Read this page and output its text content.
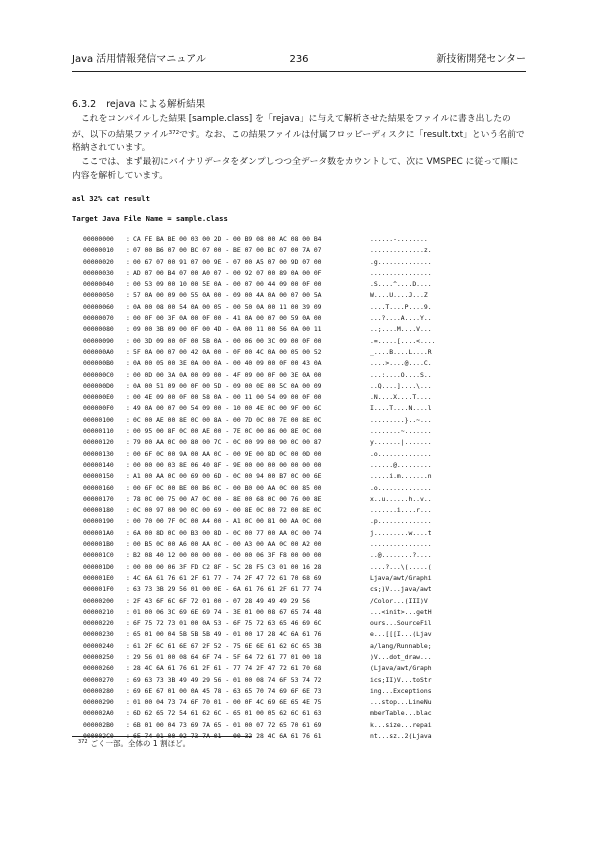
Java 活用情報発信マニュアル	236	新技術開発センター
6.3.2 rejava による解析結果

これをコンパイルした結果 [sample.class] を「rejava」に与えて解析させた結果をファイルに書き出したのが、以下の結果ファイル$^{372}$です。なお、この結果ファイルは付属フロッピーディスクに「result.txt」という名前で格納されています。

ここでは、まず最初にバイナリデータをダンプしつつ全データ数をカウントして、次に VMSPEC に従って順に内容を解析しています。

asl 32% cat result
Target Java File Name = sample.class
00000000 : CA FE BA BE 00 03 00 2D - 00 B9 08 00 AC 08 00 B4	......-........
00000010 : 07 00 B6 07 00 BC 07 00 - BE 07 00 BC 07 00 7A 07	..............z.
00000020 : 00 67 07 00 91 07 00 9E - 07 00 A5 07 00 9D 07 00	.g..............
00000030 : AD 07 00 B4 07 00 A0 07 - 00 92 07 00 89 0A 00 0F	................
00000040 : 00 53 09 00 10 00 5E 0A - 00 07 00 44 09 00 0F 00	.S....^....D....
00000050 : 57 0A 00 09 00 55 0A 00 - 09 00 4A 0A 00 07 00 5A	W....U....J...Z
00000060 : 0A 00 08 00 54 0A 00 05 - 00 50 0A 00 11 00 39 09	....T....P....9.
00000070 : 00 0F 00 3F 0A 00 0F 00 - 41 0A 00 07 00 59 0A 00	...?....A....Y..
00000080 : 09 00 3B 09 00 0F 00 4D - 0A 00 11 00 56 0A 00 11	..;....M....V...
00000090 : 00 3D 09 00 0F 00 5B 0A - 00 06 00 3C 09 00 0F 00	.=.....[....<....
000000A0 : 5F 0A 00 07 00 42 0A 00 - 0F 00 4C 0A 00 05 00 52	_....B....L....R
000000B0 : 0A 00 05 00 3E 0A 00 0A - 00 40 09 00 0F 00 43 0A	....>....@....C.
000000C0 : 00 0D 00 3A 0A 00 09 00 - 4F 09 00 0F 00 3E 0A 00	...:....O....S..
000000D0 : 0A 00 51 09 00 0F 00 5D - 09 00 0E 00 5C 0A 00 09	..Q....]....\...
000000E0 : 00 4E 09 00 0F 00 58 0A - 00 11 00 54 09 00 0F 00	.N....X....T....
000000F0 : 49 0A 00 07 00 54 09 00 - 10 00 4E 0C 00 9F 00 6C	I....T....N....l
00000100 : 0C 00 AE 00 8E 0C 00 8A - 00 7D 0C 00 7E 00 8E 0C	.........}..~...
00000110 : 00 95 00 8F 0C 00 AE 00 - 7E 0C 00 86 00 8E 0C 00	........~.......
00000120 : 79 00 AA 0C 00 80 00 7C - 0C 00 99 00 90 0C 00 87	y.......|.......
00000130 : 00 6F 0C 00 9A 00 AA 0C - 00 9E 00 8D 0C 00 0D 00	.o..............
00000140 : 00 00 00 03 8E 06 40 8F - 9E 00 00 00 00 00 00 00	......@.........
00000150 : A1 00 AA 0C 00 69 00 6D - 0C 00 94 00 B7 0C 00 6E	.....i.m.......n
00000160 : 00 6F 0C 00 BE 00 B6 0C - 00 B0 00 AA 0C 00 85 00	.o..............
00000170 : 78 0C 00 75 00 A7 0C 00 - 8E 00 68 0C 00 76 00 8E	x..u......h..v..
00000180 : 0C 00 97 00 90 0C 00 69 - 00 8E 0C 00 72 00 8E 0C	.......i....r...
00000190 : 00 70 00 7F 0C 00 A4 00 - A1 0C 00 81 00 AA 0C 00	.p..............
000001A0 : 6A 00 8D 0C 00 B3 00 8D - 0C 00 77 00 AA 0C 00 74	j.........w....t
000001B0 : 00 B5 0C 00 A6 00 AA 0C - 00 A3 00 AA 0C 00 A2 00	................
000001C0 : B2 08 40 12 00 00 00 00 - 00 00 06 3F F8 00 00 00	..@........?....
000001D0 : 00 00 00 06 3F FD C2 8F - 5C 28 F5 C3 01 00 16 28	....?...\(.....(
000001E0 : 4C 6A 61 76 61 2F 61 77 - 74 2F 47 72 61 70 68 69	Ljava/awt/Graphi
000001F0 : 63 73 3B 29 56 01 00 0E - 6A 61 76 61 2F 61 77 74	cs;)V...java/awt
00000200 : 2F 43 6F 6C 6F 72 01 00 - 07 28 49 49 49 29 56	/Color...(III)V
00000210 : 01 00 06 3C 69 6E 69 74 - 3E 01 00 08 67 65 74 48	...<init>...getH
00000220 : 6F 75 72 73 01 00 0A 53 - 6F 75 72 63 65 46 69 6C	ours...SourceFil
00000230 : 65 01 00 04 5B 5B 5B 49 - 01 00 17 28 4C 6A 61 76	e...[[[I...(Ljav
00000240 : 61 2F 6C 61 6E 67 2F 52 - 75 6E 6E 61 62 6C 65 3B	a/lang/Runnable;
00000250 : 29 56 01 00 08 64 6F 74 - 5F 64 72 61 77 01 00 18	)V...dot_draw...
00000260 : 28 4C 6A 61 76 61 2F 61 - 77 74 2F 47 72 61 70 68	(Ljava/awt/Graph
00000270 : 69 63 73 3B 49 49 29 56 - 01 00 08 74 6F 53 74 72	ics;II)V...toStr
00000280 : 69 6E 67 01 00 0A 45 78 - 63 65 70 74 69 6F 6E 73	ing...Exceptions
00000290 : 01 00 04 73 74 6F 70 01 - 00 0F 4C 69 6E 65 4E 75	...stop...LineNu
000002A0 : 6D 62 65 72 54 61 62 6C - 65 01 00 05 62 6C 61 63	mberTable...blac
000002B0 : 6B 01 00 04 73 69 7A 65 - 01 00 07 72 65 70 61 69	k...size...repai
000002C0 : 6E 74 01 00 02 73 7A 01 - 00 32 28 4C 6A 61 76 61	nt...sz..2(Ljava
$^{372}$ ごく一部。全体の 1 割ほど。
